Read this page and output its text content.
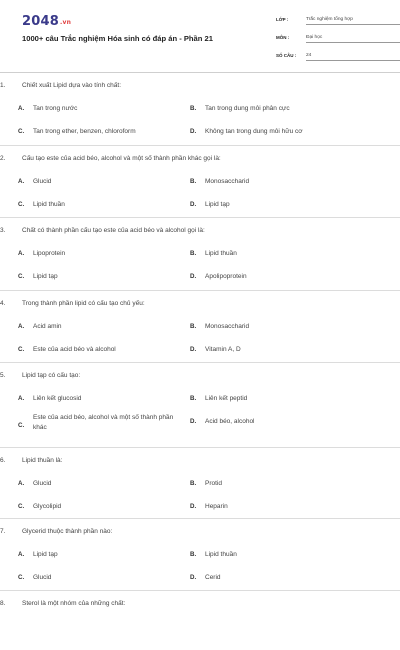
2048.vn
1000+ câu Trắc nghiệm Hóa sinh có đáp án - Phần 21
LỚP :	Trắc nghiệm tổng hợp
MÔN :	Đại học
SỐ CÂU : 24
1.	Chiết xuất Lipid dựa vào tính chất:
A. Tan trong nước	B. Tan trong dung môi phân cực
C. Tan trong ether, benzen, chloroform	D. Không tan trong dung môi hữu cơ
2.	Cấu tạo este của acid béo, alcohol và một số thành phần khác gọi là:
A. Glucid	B. Monosaccharid
C. Lipid thuần	D. Lipid tạp
3.	Chất có thành phần cấu tạo este của acid béo và alcohol gọi là:
A. Lipoprotein	B. Lipid thuần
C. Lipid tạp	D. Apolipoprotein
4.	Trong thành phần lipid có cấu tạo chủ yếu:
A. Acid amin	B. Monosaccharid
C. Este của acid béo và alcohol	D. Vitamin A, D
5.	Lipid tạp có cấu tạo:
A. Liên kết glucosid	B. Liên kết peptid
C.
Este của acid béo, alcohol và một số thành phần khác
D. Acid béo, alcohol
6.	Lipid thuần là:
A. Glucid	B. Protid
C. Glycolipid	D. Heparin
7.	Glycerid thuộc thành phần nào:
A. Lipid tạp	B. Lipid thuần
C. Glucid	D. Cerid
8.	Sterol là một nhóm của những chất:
